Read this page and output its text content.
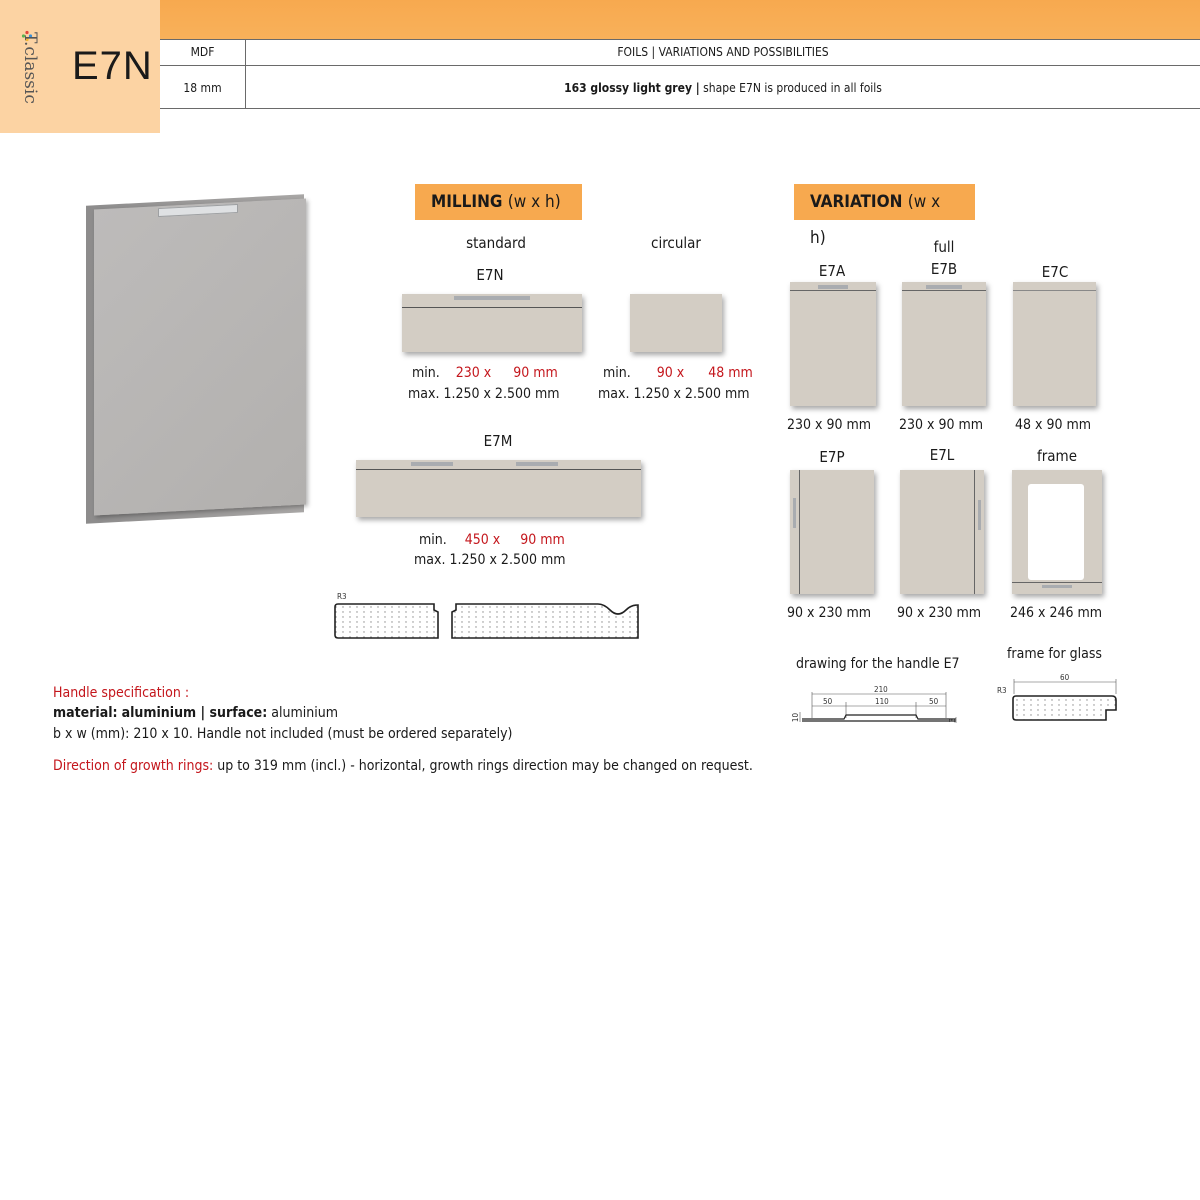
T.classic E7N	MDF	FOILS | VARIATIONS AND POSSIBILITIES
18 mm	163 glossy light grey | shape E7N is produced in all foils
MILLING (w x h)
standard	circular
E7N
min. 230 x 90 mm
max. 1.250 x 2.500 mm
min. 90 x 48 mm
max. 1.250 x 2.500 mm
E7M
min. 450 x 90 mm
max. 1.250 x 2.500 mm
R3
VARIATION (w x h)	full
E7A	E7B	E7C
230 x 90 mm 230 x 90 mm 48 x 90 mm
E7P	E7L	frame
90 x 230 mm 90 x 230 mm 246 x 246 mm
drawing for the handle E7
210
50	110	50
10	3
frame for glass
R3
60
Handle specification :
material: aluminium | surface: aluminium
b x w (mm): 210 x 10. Handle not included (must be ordered separately)
Direction of growth rings: up to 319 mm (incl.) - horizontal, growth rings direction may be changed on request.
